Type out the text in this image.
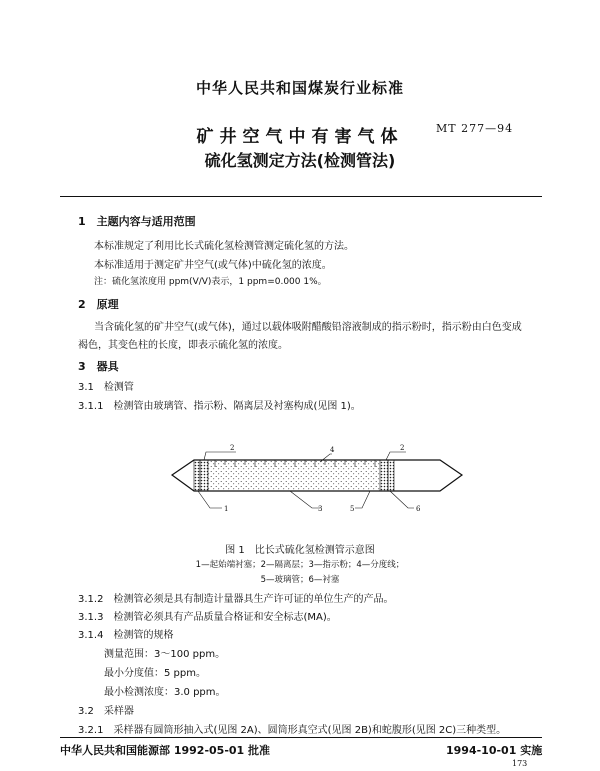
中华人民共和国煤炭行业标准
矿井空气中有害气体	MT 277—94
硫化氢测定方法(检测管法)
1　主题内容与适用范围
本标准规定了利用比长式硫化氢检测管测定硫化氢的方法。
本标准适用于测定矿井空气(或气体)中硫化氢的浓度。
注：硫化氢浓度用 ppm(V/V)表示，1 ppm=0.000 1%。
2　原理
当含硫化氢的矿井空气(或气体)，通过以载体吸附醋酸铅溶液制成的指示粉时，指示粉由白色变成
褐色，其变色柱的长度，即表示硫化氢的浓度。
3　器具
3.1　检测管
3.1.1　检测管由玻璃管、指示粉、隔离层及衬塞构成(见图 1)。
2	4	2
1	3	5	6
图 1　比长式硫化氢检测管示意图
1—起始端衬塞；2—隔离层；3—指示粉；4—分度线；
5—玻璃管；6—衬塞
3.1.2　检测管必须是具有制造计量器具生产许可证的单位生产的产品。
3.1.3　检测管必须具有产品质量合格证和安全标志(MA)。
3.1.4　检测管的规格
测量范围：3～100 ppm。
最小分度值：5 ppm。
最小检测浓度：3.0 ppm。
3.2　采样器
3.2.1　采样器有圆筒形抽入式(见图 2A)、圆筒形真空式(见图 2B)和蛇腹形(见图 2C)三种类型。
中华人民共和国能源部 1992-05-01 批准	1994-10-01 实施
173
